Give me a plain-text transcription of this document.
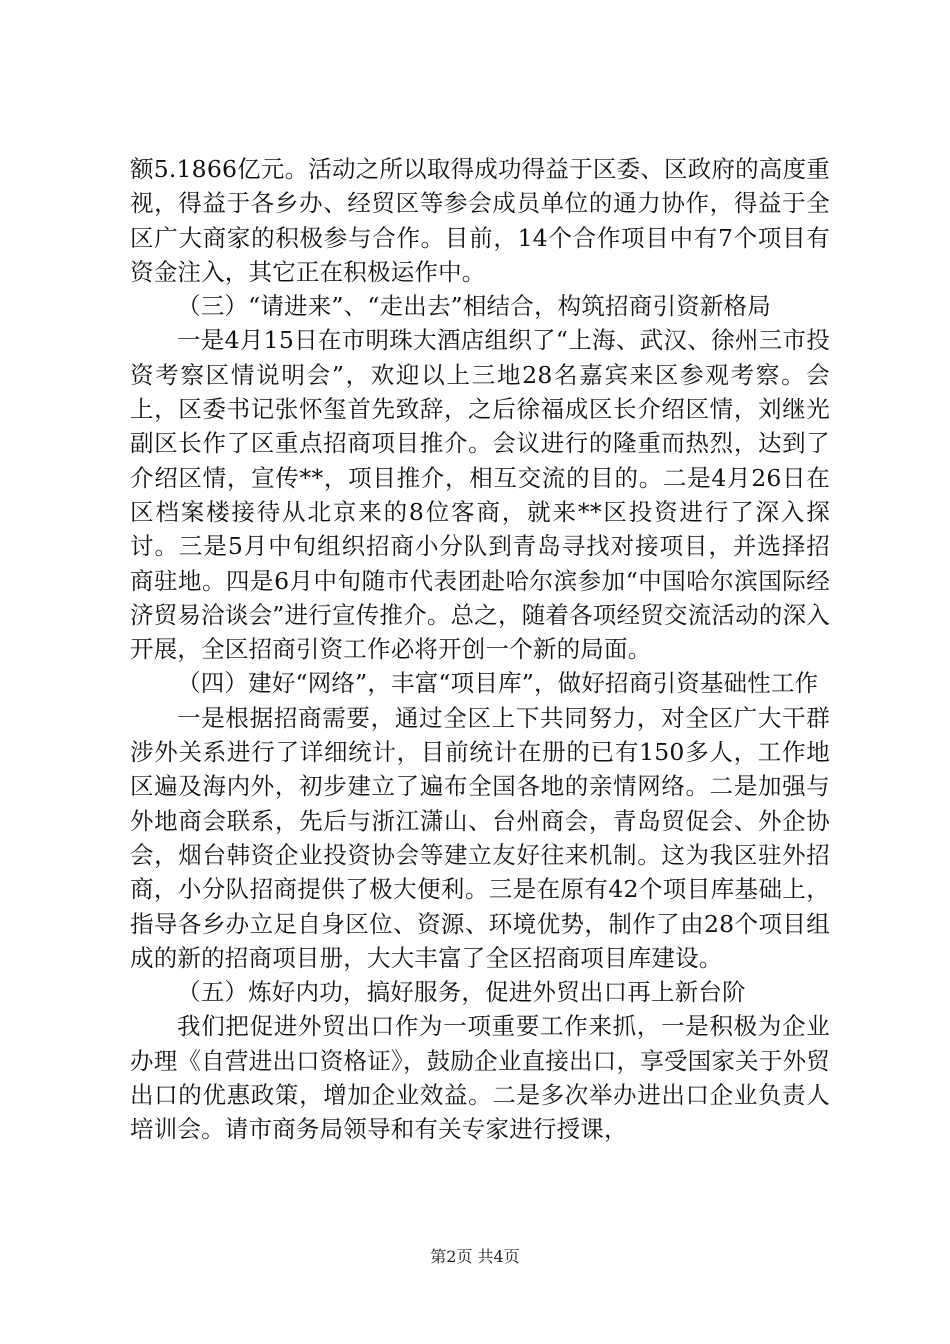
额5.1866亿元。活动之所以取得成功得益于区委、区政府的高度重视，得益于各乡办、经贸区等参会成员单位的通力协作，得益于全区广大商家的积极参与合作。目前，14个合作项目中有7个项目有资金注入，其它正在积极运作中。

（三）“请进来”、“走出去”相结合，构筑招商引资新格局

一是4月15日在市明珠大酒店组织了“上海、武汉、徐州三市投资考察区情说明会”，欢迎以上三地28名嘉宾来区参观考察。会上，区委书记张怀玺首先致辞，之后徐福成区长介绍区情，刘继光副区长作了区重点招商项目推介。会议进行的隆重而热烈，达到了介绍区情，宣传**，项目推介，相互交流的目的。二是4月26日在区档案楼接待从北京来的8位客商，就来**区投资进行了深入探讨。三是5月中旬组织招商小分队到青岛寻找对接项目，并选择招商驻地。四是6月中旬随市代表团赴哈尔滨参加“中国哈尔滨国际经济贸易洽谈会”进行宣传推介。总之，随着各项经贸交流活动的深入开展，全区招商引资工作必将开创一个新的局面。

（四）建好“网络”，丰富“项目库”，做好招商引资基础性工作

一是根据招商需要，通过全区上下共同努力，对全区广大干群涉外关系进行了详细统计，目前统计在册的已有150多人，工作地区遍及海内外，初步建立了遍布全国各地的亲情网络。二是加强与外地商会联系，先后与浙江潇山、台州商会，青岛贸促会、外企协会，烟台韩资企业投资协会等建立友好往来机制。这为我区驻外招商，小分队招商提供了极大便利。三是在原有42个项目库基础上，指导各乡办立足自身区位、资源、环境优势，制作了由28个项目组成的新的招商项目册，大大丰富了全区招商项目库建设。

（五）炼好内功，搞好服务，促进外贸出口再上新台阶

我们把促进外贸出口作为一项重要工作来抓，一是积极为企业办理《自营进出口资格证》，鼓励企业直接出口，享受国家关于外贸出口的优惠政策，增加企业效益。二是多次举办进出口企业负责人培训会。请市商务局领导和有关专家进行授课，

第2页 共4页
